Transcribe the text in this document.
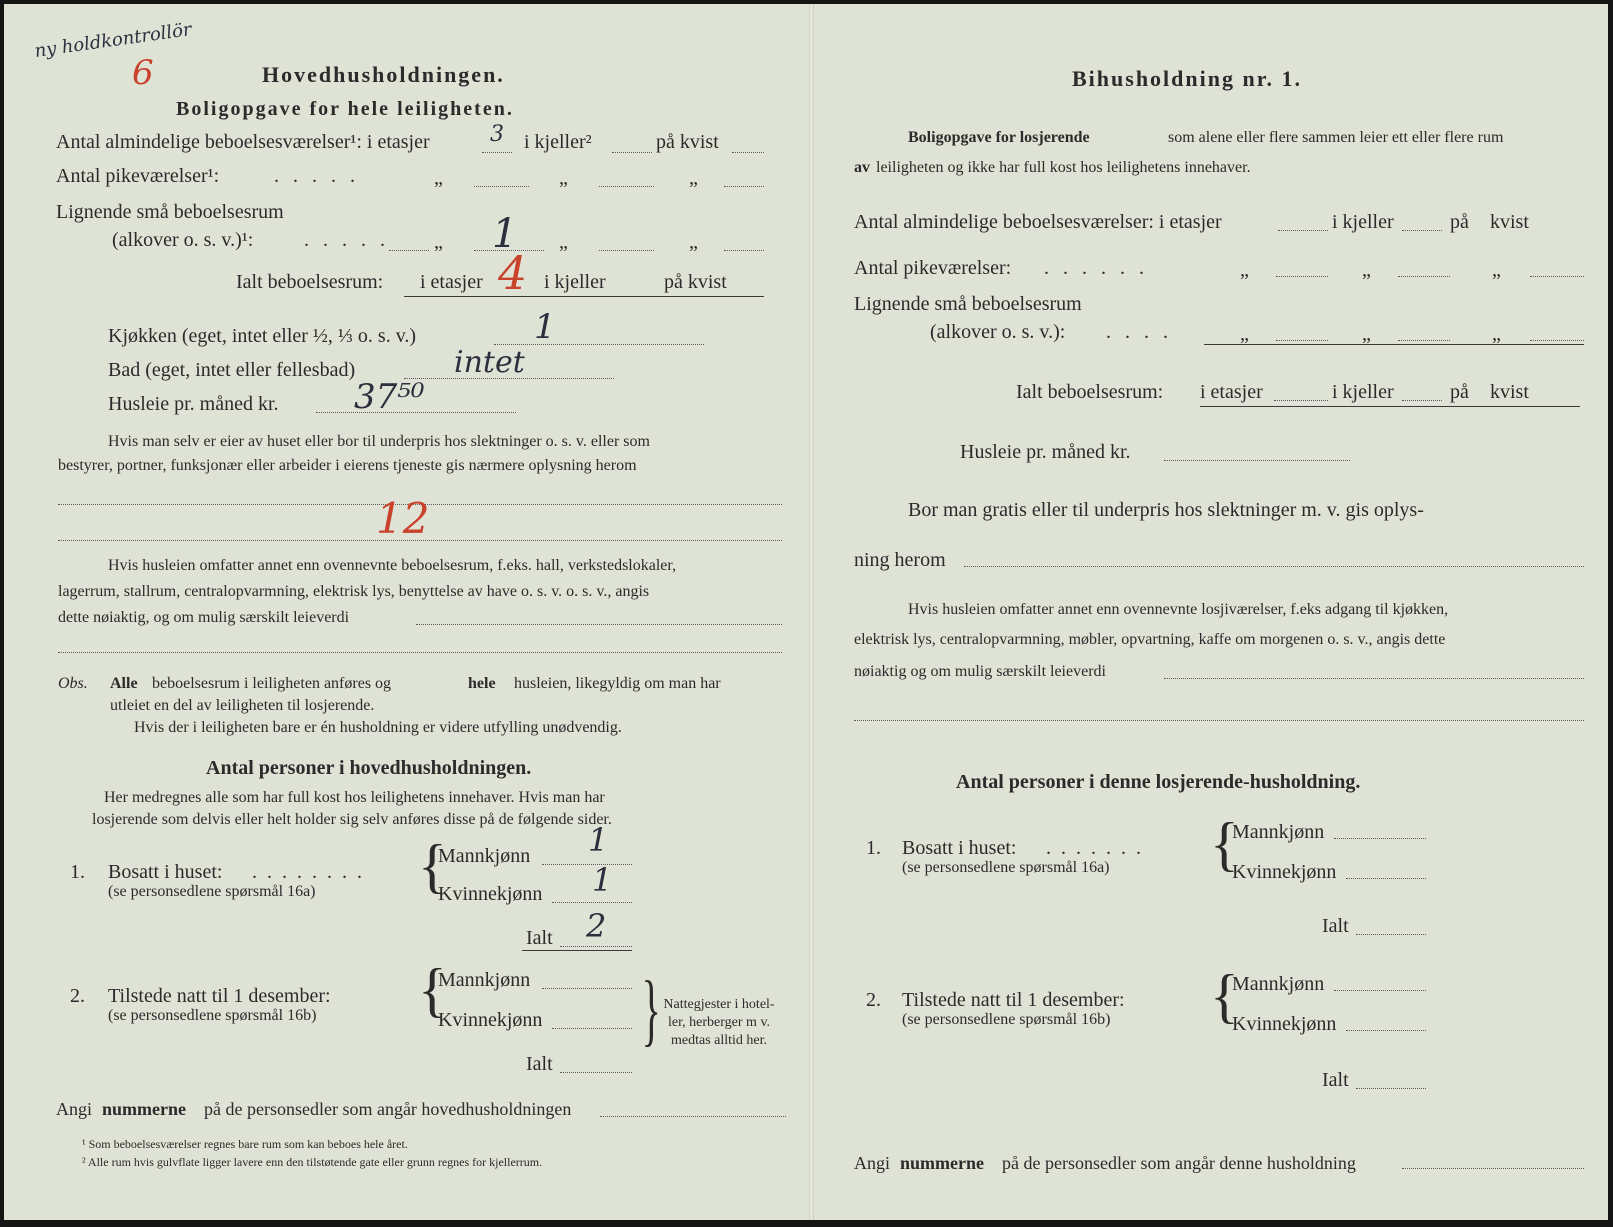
ny holdkontrollör
6	Hovedhusholdningen.
Boligopgave for hele leiligheten.
Antal almindelige beboelsesværelser¹: i etasjer	3 i kjeller²	på kvist
Antal pikeværelser¹:	.....	„	„	„
Lignende små beboelsesrum
(alkover o. s. v.)¹:	..... „ 1 „	„
Ialt beboelsesrum: i etasjer 4 i kjeller	på kvist
Kjøkken (eget, intet eller ½, ⅓ o. s. v.)	1
Bad (eget, intet eller fellesbad)	intet
Husleie pr. måned kr. 37⁵⁰
Hvis man selv er eier av huset eller bor til underpris hos slektninger o. s. v. eller som
bestyrer, portner, funksjonær eller arbeider i eierens tjeneste gis nærmere oplysning herom
12
Hvis husleien omfatter annet enn ovennevnte beboelsesrum, f.eks. hall, verkstedslokaler,
lagerrum, stallrum, centralopvarmning, elektrisk lys, benyttelse av have o. s. v. o. s. v., angis
dette nøiaktig, og om mulig særskilt leieverdi
Obs. Alle beboelsesrum i leiligheten anføres og	hele husleien, likegyldig om man har
utleiet en del av leiligheten til losjerende.
Hvis der i leiligheten bare er én husholdning er videre utfylling unødvendig.
Antal personer i hovedhusholdningen.
Her medregnes alle som har full kost hos leilighetens innehaver. Hvis man har
losjerende som delvis eller helt holder sig selv anføres disse på de følgende sider.
1. Bosatt i huset: ........
(se personsedlene spørsmål 16a) {
Mannkjønn 1
Kvinnekjønn 1
Ialt 2
2. Tilstede natt til 1 desember:
(se personsedlene spørsmål 16b) {
Mannkjønn
Kvinnekjønn
Ialt
} Nattegjester i hotel-
ler, herberger m v.
medtas alltid her.
Angi nummerne på de personsedler som angår hovedhusholdningen
¹ Som beboelsesværelser regnes bare rum som kan beboes hele året.
² Alle rum hvis gulvflate ligger lavere enn den tilstøtende gate eller grunn regnes for kjellerrum.
Bihusholdning nr. 1.
Boligopgave for losjerende	som alene eller flere sammen leier ett eller flere rum
av leiligheten og ikke har full kost hos leilighetens innehaver.
Antal almindelige beboelsesværelser: i etasjer	i kjeller	på kvist
Antal pikeværelser: ......	„	„	„
Lignende små beboelsesrum
(alkover o. s. v.): ....	„	„	„
Ialt beboelsesrum: i etasjer	i kjeller	på kvist
Husleie pr. måned kr.
Bor man gratis eller til underpris hos slektninger m. v. gis oplys-
ning herom
Hvis husleien omfatter annet enn ovennevnte losjiværelser, f.eks adgang til kjøkken,
elektrisk lys, centralopvarmning, møbler, opvartning, kaffe om morgenen o. s. v., angis dette
nøiaktig og om mulig særskilt leieverdi
Antal personer i denne losjerende-husholdning.
1. Bosatt i huset: .......
(se personsedlene spørsmål 16a) {
Mannkjønn
Kvinnekjønn
Ialt
2. Tilstede natt til 1 desember:
(se personsedlene spørsmål 16b) {
Mannkjønn
Kvinnekjønn
Ialt
Angi nummerne på de personsedler som angår denne husholdning
